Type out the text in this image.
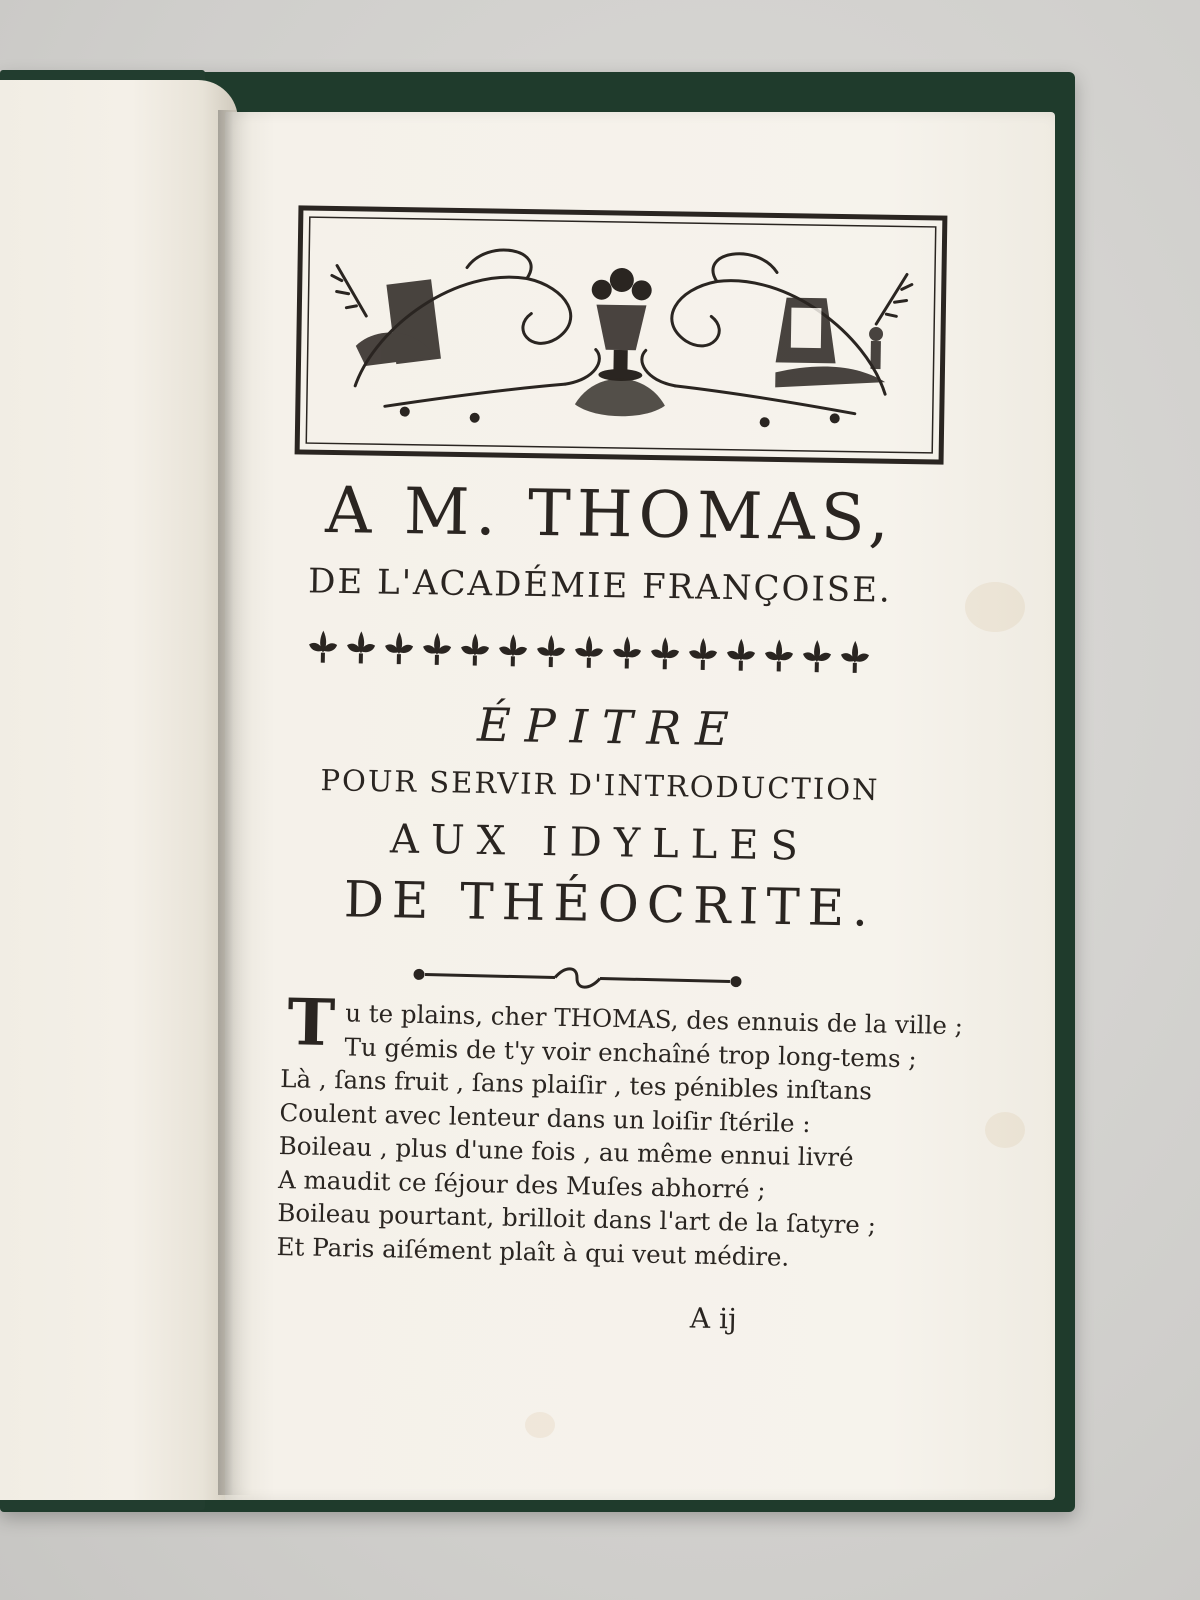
A M. THOMAS,
DE L'ACADÉMIE FRANÇOISE.
ÉPITRE
POUR SERVIR D'INTRODUCTION
AUX IDYLLES
DE THÉOCRITE.
T u te plains, cher THOMAS, des ennuis de la ville ;
Tu gémis de t'y voir enchaîné trop long-tems ;
Là , ſans fruit , ſans plaiſir , tes pénibles inſtans
Coulent avec lenteur dans un loiſir ſtérile :
Boileau , plus d'une fois , au même ennui livré
A maudit ce ſéjour des Muſes abhorré ;
Boileau pourtant, brilloit dans l'art de la ſatyre ;
Et Paris aiſément plaît à qui veut médire.
A ij
